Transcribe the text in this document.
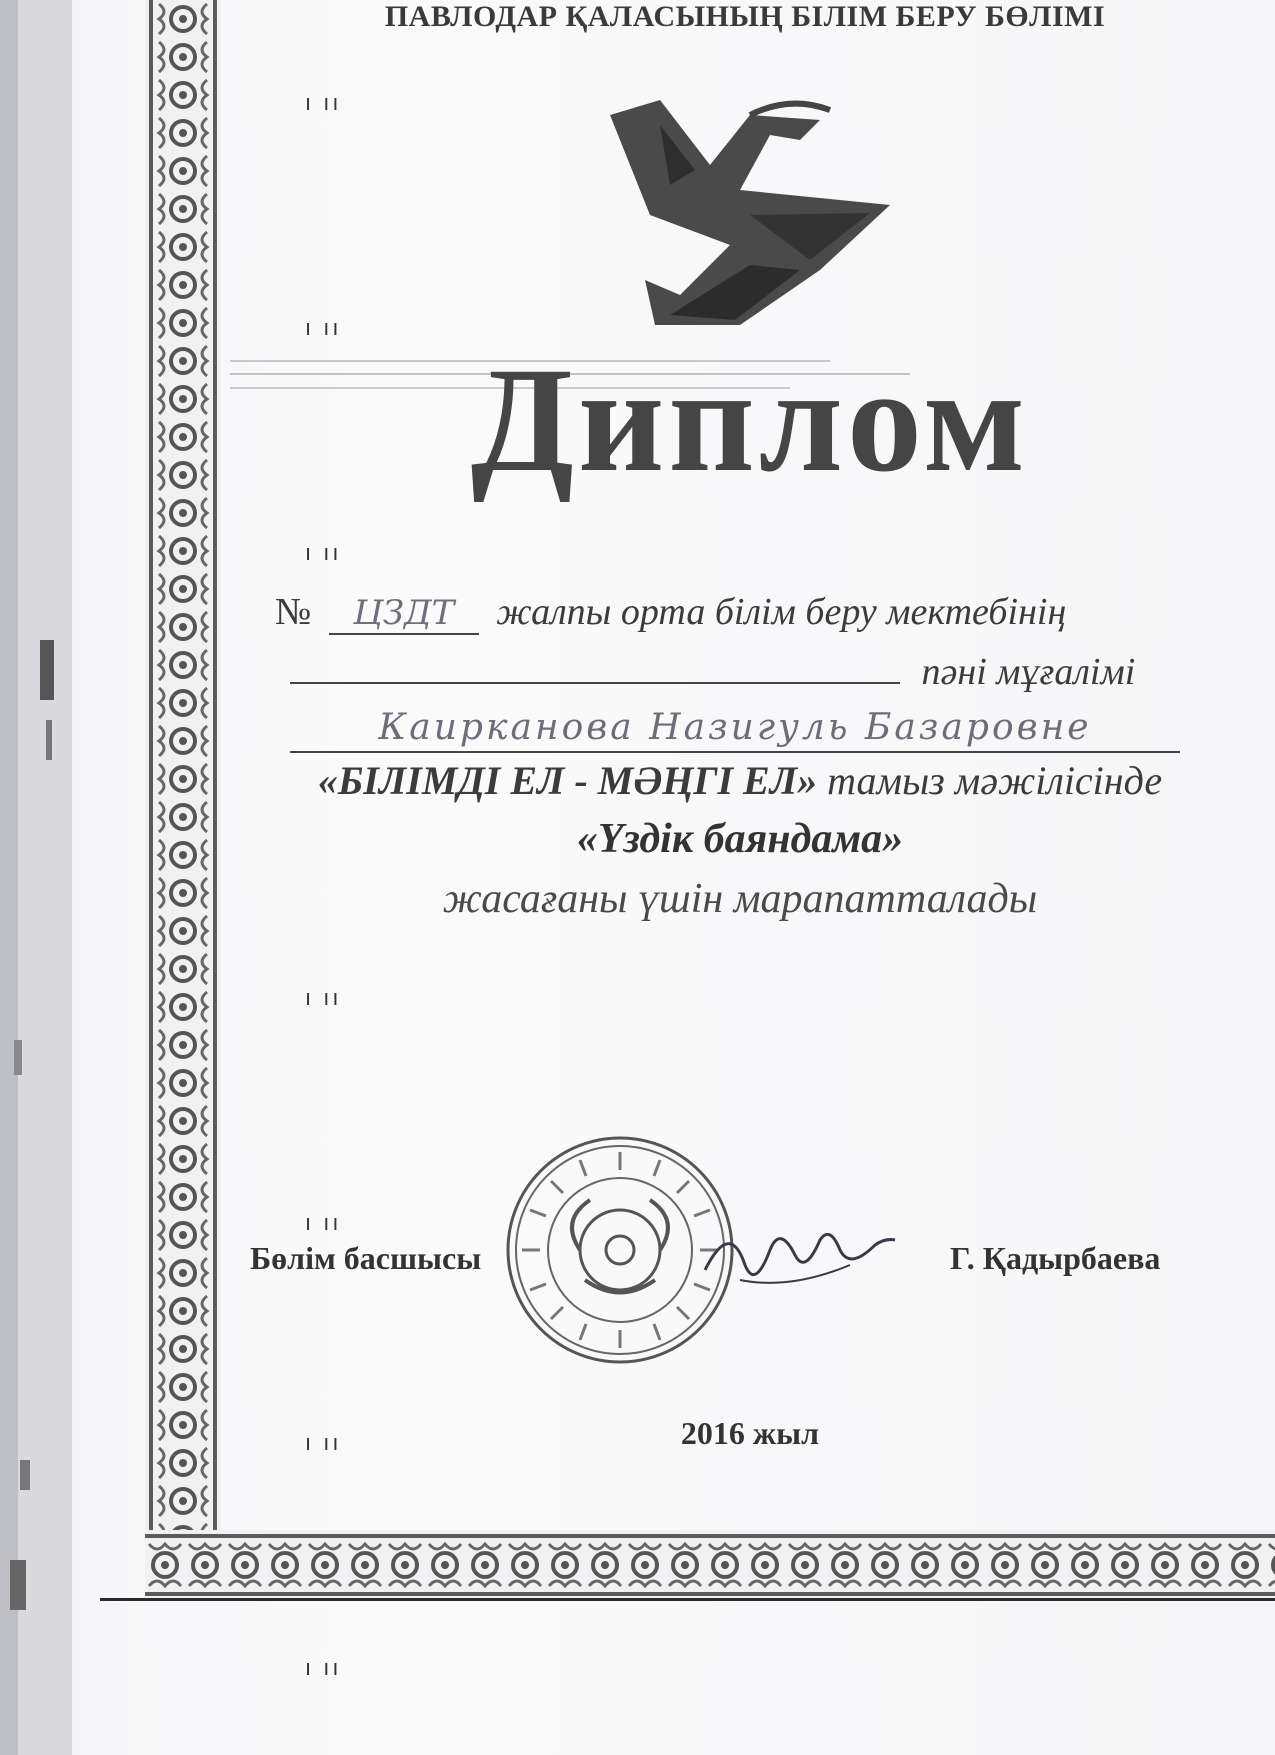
ı ıı
ı ıı
ı ıı
ı ıı
ı ıı
ı ıı
ı ıı
ПАВЛОДАР ҚАЛАСЫНЫҢ БІЛІМ БЕРУ БӨЛІМІ
Диплом
№ ЦЗДТ жалпы орта білім беру мектебінің
пәні мұғалімі
Каирканова Назигуль Базаровне
«БІЛІМДІ ЕЛ - МӘҢГІ ЕЛ» тамыз мәжілісінде
«Үздік баяндама»
жасағаны үшін марапатталады
Бөлім басшысы	Г. Қадырбаева
2016 жыл
